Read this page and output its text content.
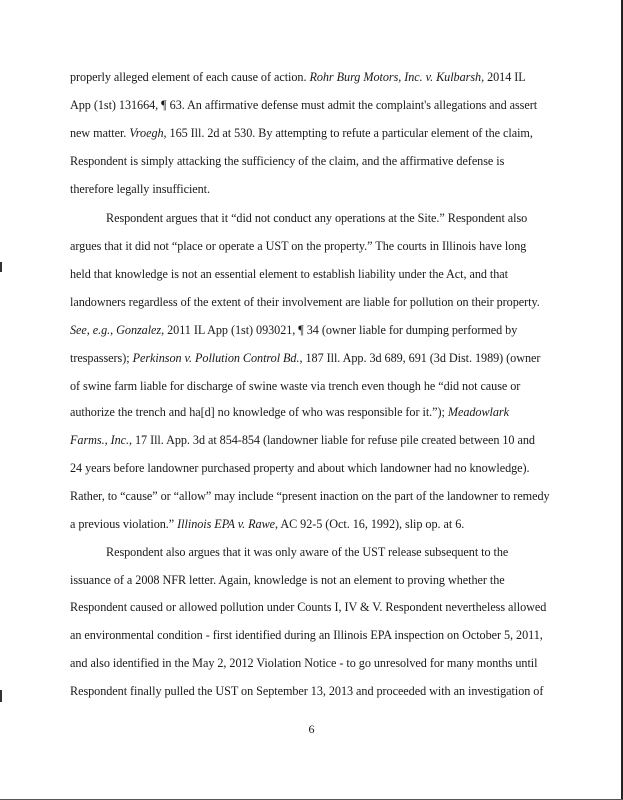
properly alleged element of each cause of action. Rohr Burg Motors, Inc. v. Kulbarsh, 2014 IL
App (1st) 131664, ¶ 63. An affirmative defense must admit the complaint's allegations and assert
new matter. Vroegh, 165 Ill. 2d at 530. By attempting to refute a particular element of the claim,
Respondent is simply attacking the sufficiency of the claim, and the affirmative defense is
therefore legally insufficient.
Respondent argues that it “did not conduct any operations at the Site.” Respondent also
argues that it did not “place or operate a UST on the property.” The courts in Illinois have long
held that knowledge is not an essential element to establish liability under the Act, and that
landowners regardless of the extent of their involvement are liable for pollution on their property.
See, e.g., Gonzalez, 2011 IL App (1st) 093021, ¶ 34 (owner liable for dumping performed by
trespassers); Perkinson v. Pollution Control Bd., 187 Ill. App. 3d 689, 691 (3d Dist. 1989) (owner
of swine farm liable for discharge of swine waste via trench even though he “did not cause or
authorize the trench and ha[d] no knowledge of who was responsible for it.”); Meadowlark
Farms., Inc., 17 Ill. App. 3d at 854-854 (landowner liable for refuse pile created between 10 and
24 years before landowner purchased property and about which landowner had no knowledge).
Rather, to “cause” or “allow” may include “present inaction on the part of the landowner to remedy
a previous violation.” Illinois EPA v. Rawe, AC 92-5 (Oct. 16, 1992), slip op. at 6.
Respondent also argues that it was only aware of the UST release subsequent to the
issuance of a 2008 NFR letter. Again, knowledge is not an element to proving whether the
Respondent caused or allowed pollution under Counts I, IV & V. Respondent nevertheless allowed
an environmental condition - first identified during an Illinois EPA inspection on October 5, 2011,
and also identified in the May 2, 2012 Violation Notice - to go unresolved for many months until
Respondent finally pulled the UST on September 13, 2013 and proceeded with an investigation of
6
